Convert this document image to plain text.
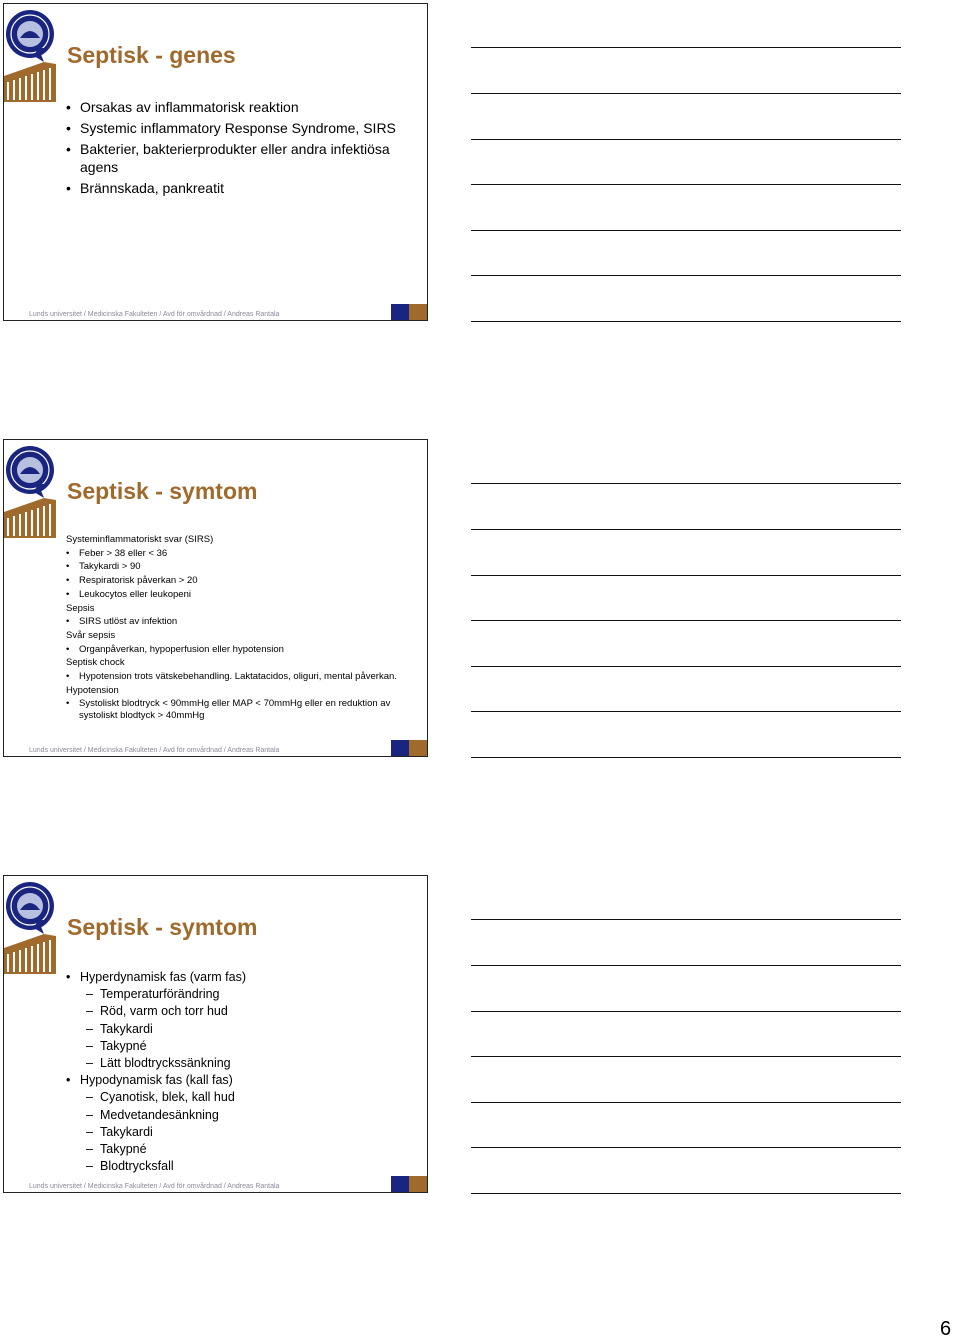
Septisk - genes
• Orsakas av inflammatorisk reaktion
• Systemic inflammatory Response Syndrome, SIRS
• Bakterier, bakterierprodukter eller andra infektiösa agens
• Brännskada, pankreatit
Lunds universitet / Medicinska Fakulteten / Avd för omvårdnad / Andreas Rantala
Septisk - symtom
Systeminflammatoriskt svar (SIRS)
• Feber > 38 eller < 36
• Takykardi > 90
• Respiratorisk påverkan > 20
• Leukocytos eller leukopeni
Sepsis
• SIRS utlöst av infektion
Svår sepsis
• Organpåverkan, hypoperfusion eller hypotension
Septisk chock
• Hypotension trots vätskebehandling. Laktatacidos, oliguri, mental påverkan.
Hypotension
• Systoliskt blodtryck < 90mmHg eller MAP < 70mmHg eller en reduktion av systoliskt blodtyck > 40mmHg
Lunds universitet / Medicinska Fakulteten / Avd för omvårdnad / Andreas Rantala
Septisk - symtom
• Hyperdynamisk fas (varm fas)
– Temperaturförändring
– Röd, varm och torr hud
– Takykardi
– Takypné
– Lätt blodtryckssänkning
• Hypodynamisk fas (kall fas)
– Cyanotisk, blek, kall hud
– Medvetandesänkning
– Takykardi
– Takypné
– Blodtrycksfall
Lunds universitet / Medicinska Fakulteten / Avd för omvårdnad / Andreas Rantala
6
